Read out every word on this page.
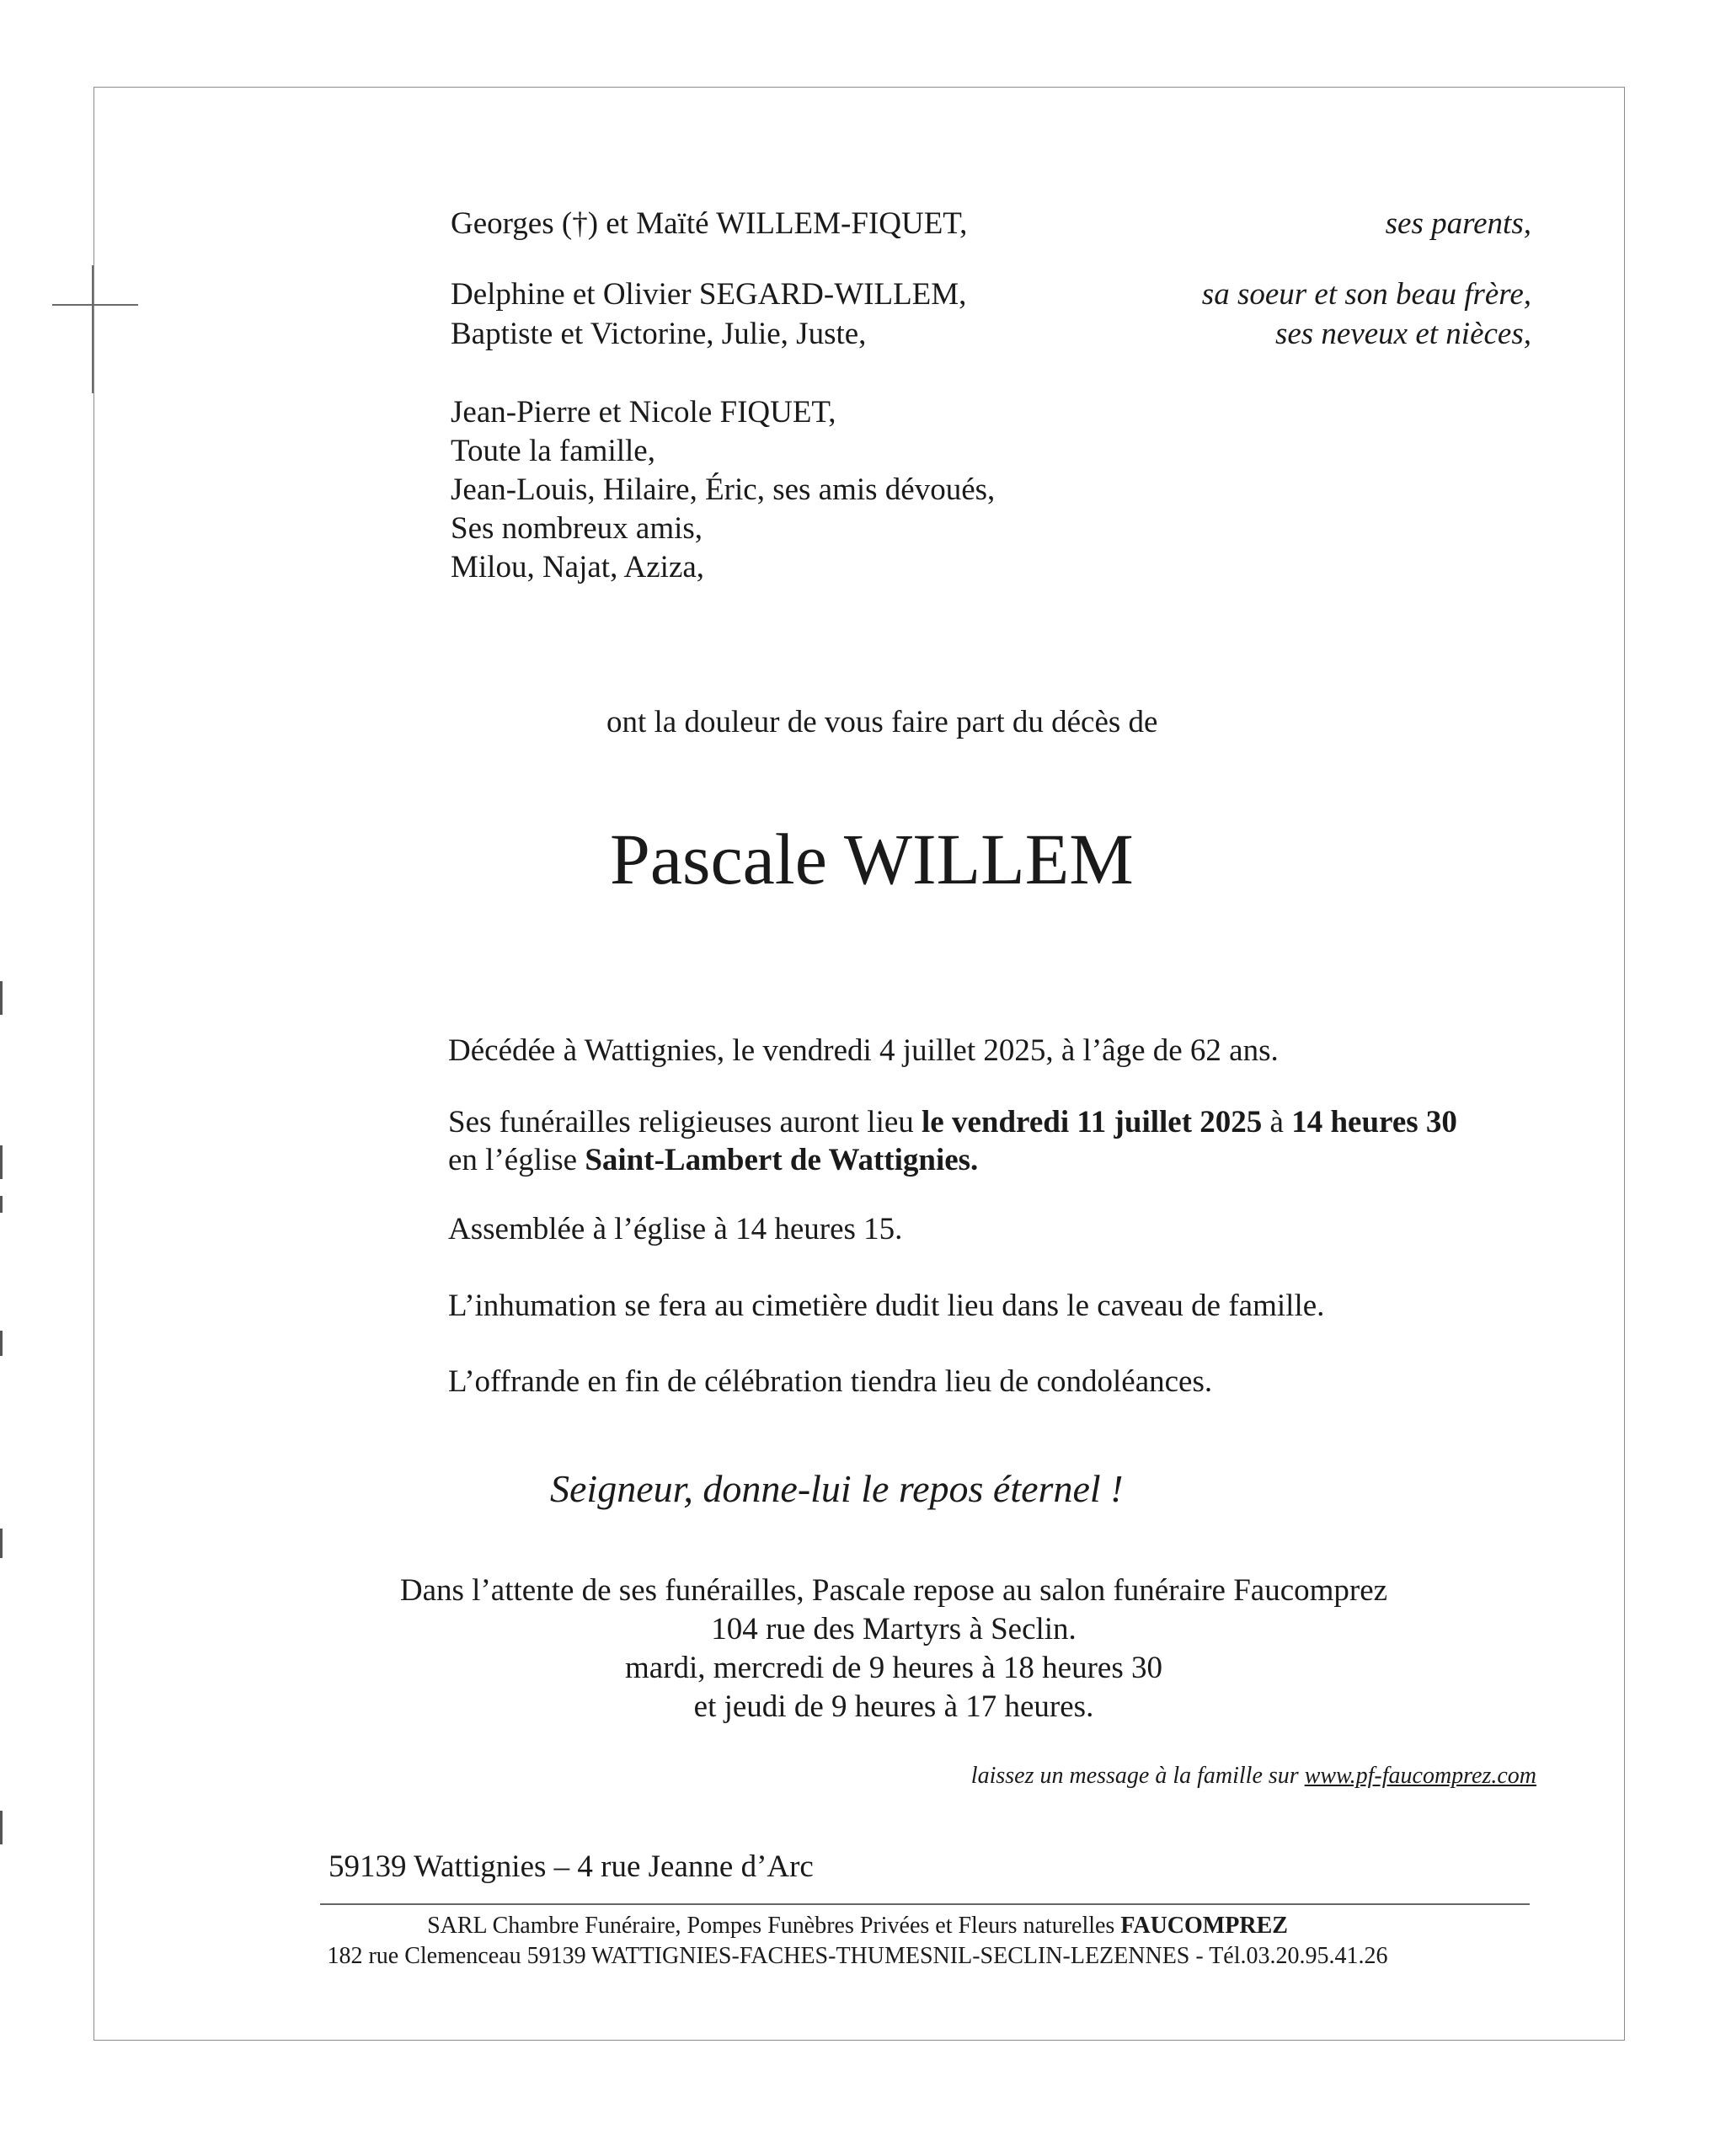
Georges (†) et Maïté WILLEM-FIQUET,
Delphine et Olivier SEGARD-WILLEM,
Baptiste et Victorine, Julie, Juste,
Jean-Pierre et Nicole FIQUET,
Toute la famille,
Jean-Louis, Hilaire, Éric, ses amis dévoués,
Ses nombreux amis,
Milou, Najat, Aziza,
ses parents,
sa soeur et son beau frère,
ses neveux et nièces,
ont la douleur de vous faire part du décès de
Pascale WILLEM
Décédée à Wattignies, le vendredi 4 juillet 2025, à l’âge de 62 ans.
Ses funérailles religieuses auront lieu le vendredi 11 juillet 2025 à 14 heures 30
en l’église Saint-Lambert de Wattignies.
Assemblée à l’église à 14 heures 15.
L’inhumation se fera au cimetière dudit lieu dans le caveau de famille.
L’offrande en fin de célébration tiendra lieu de condoléances.
Seigneur, donne-lui le repos éternel !
Dans l’attente de ses funérailles, Pascale repose au salon funéraire Faucomprez
104 rue des Martyrs à Seclin.
mardi, mercredi de 9 heures à 18 heures 30
et jeudi de 9 heures à 17 heures.
laissez un message à la famille sur www.pf-faucomprez.com
59139 Wattignies – 4 rue Jeanne d’Arc
SARL Chambre Funéraire, Pompes Funèbres Privées et Fleurs naturelles FAUCOMPREZ
182 rue Clemenceau 59139 WATTIGNIES-FACHES-THUMESNIL-SECLIN-LEZENNES - Tél.03.20.95.41.26
